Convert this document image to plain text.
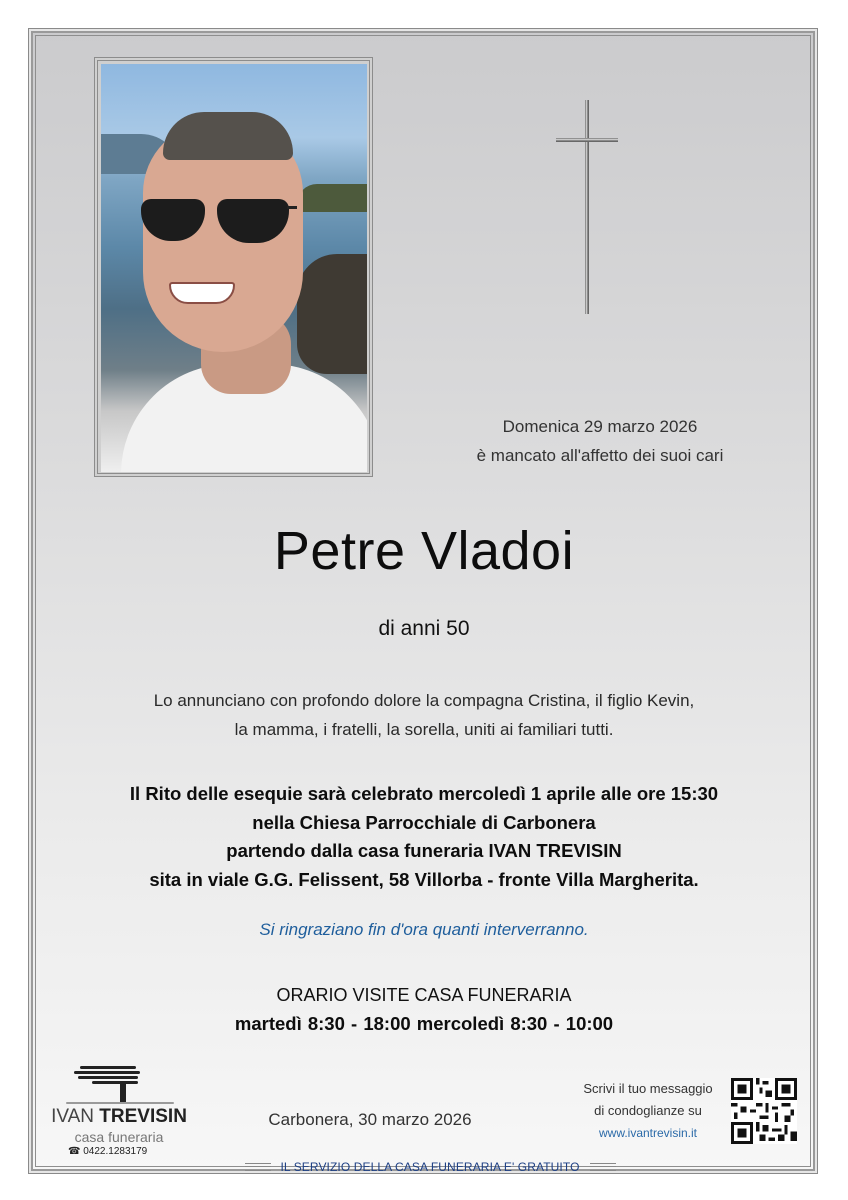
Domenica 29 marzo 2026
è mancato all'affetto dei suoi cari
Petre Vladoi
di anni 50
Lo annunciano con profondo dolore la compagna Cristina, il figlio Kevin,
la mamma, i fratelli, la sorella, uniti ai familiari tutti.
Il Rito delle esequie sarà celebrato mercoledì 1 aprile alle ore 15:30
nella Chiesa Parrocchiale di Carbonera
partendo dalla casa funeraria IVAN TREVISIN
sita in viale G.G. Felissent, 58 Villorba - fronte Villa Margherita.
Si ringraziano fin d'ora quanti interverranno.
ORARIO VISITE CASA FUNERARIA
martedì 8:30 - 18:00 mercoledì 8:30 - 10:00
Carbonera, 30 marzo 2026
IVAN TREVISIN
casa funeraria
☎ 0422.1283179
Scrivi il tuo messaggio
di condoglianze su
www.ivantrevisin.it
IL SERVIZIO DELLA CASA FUNERARIA E' GRATUITO
